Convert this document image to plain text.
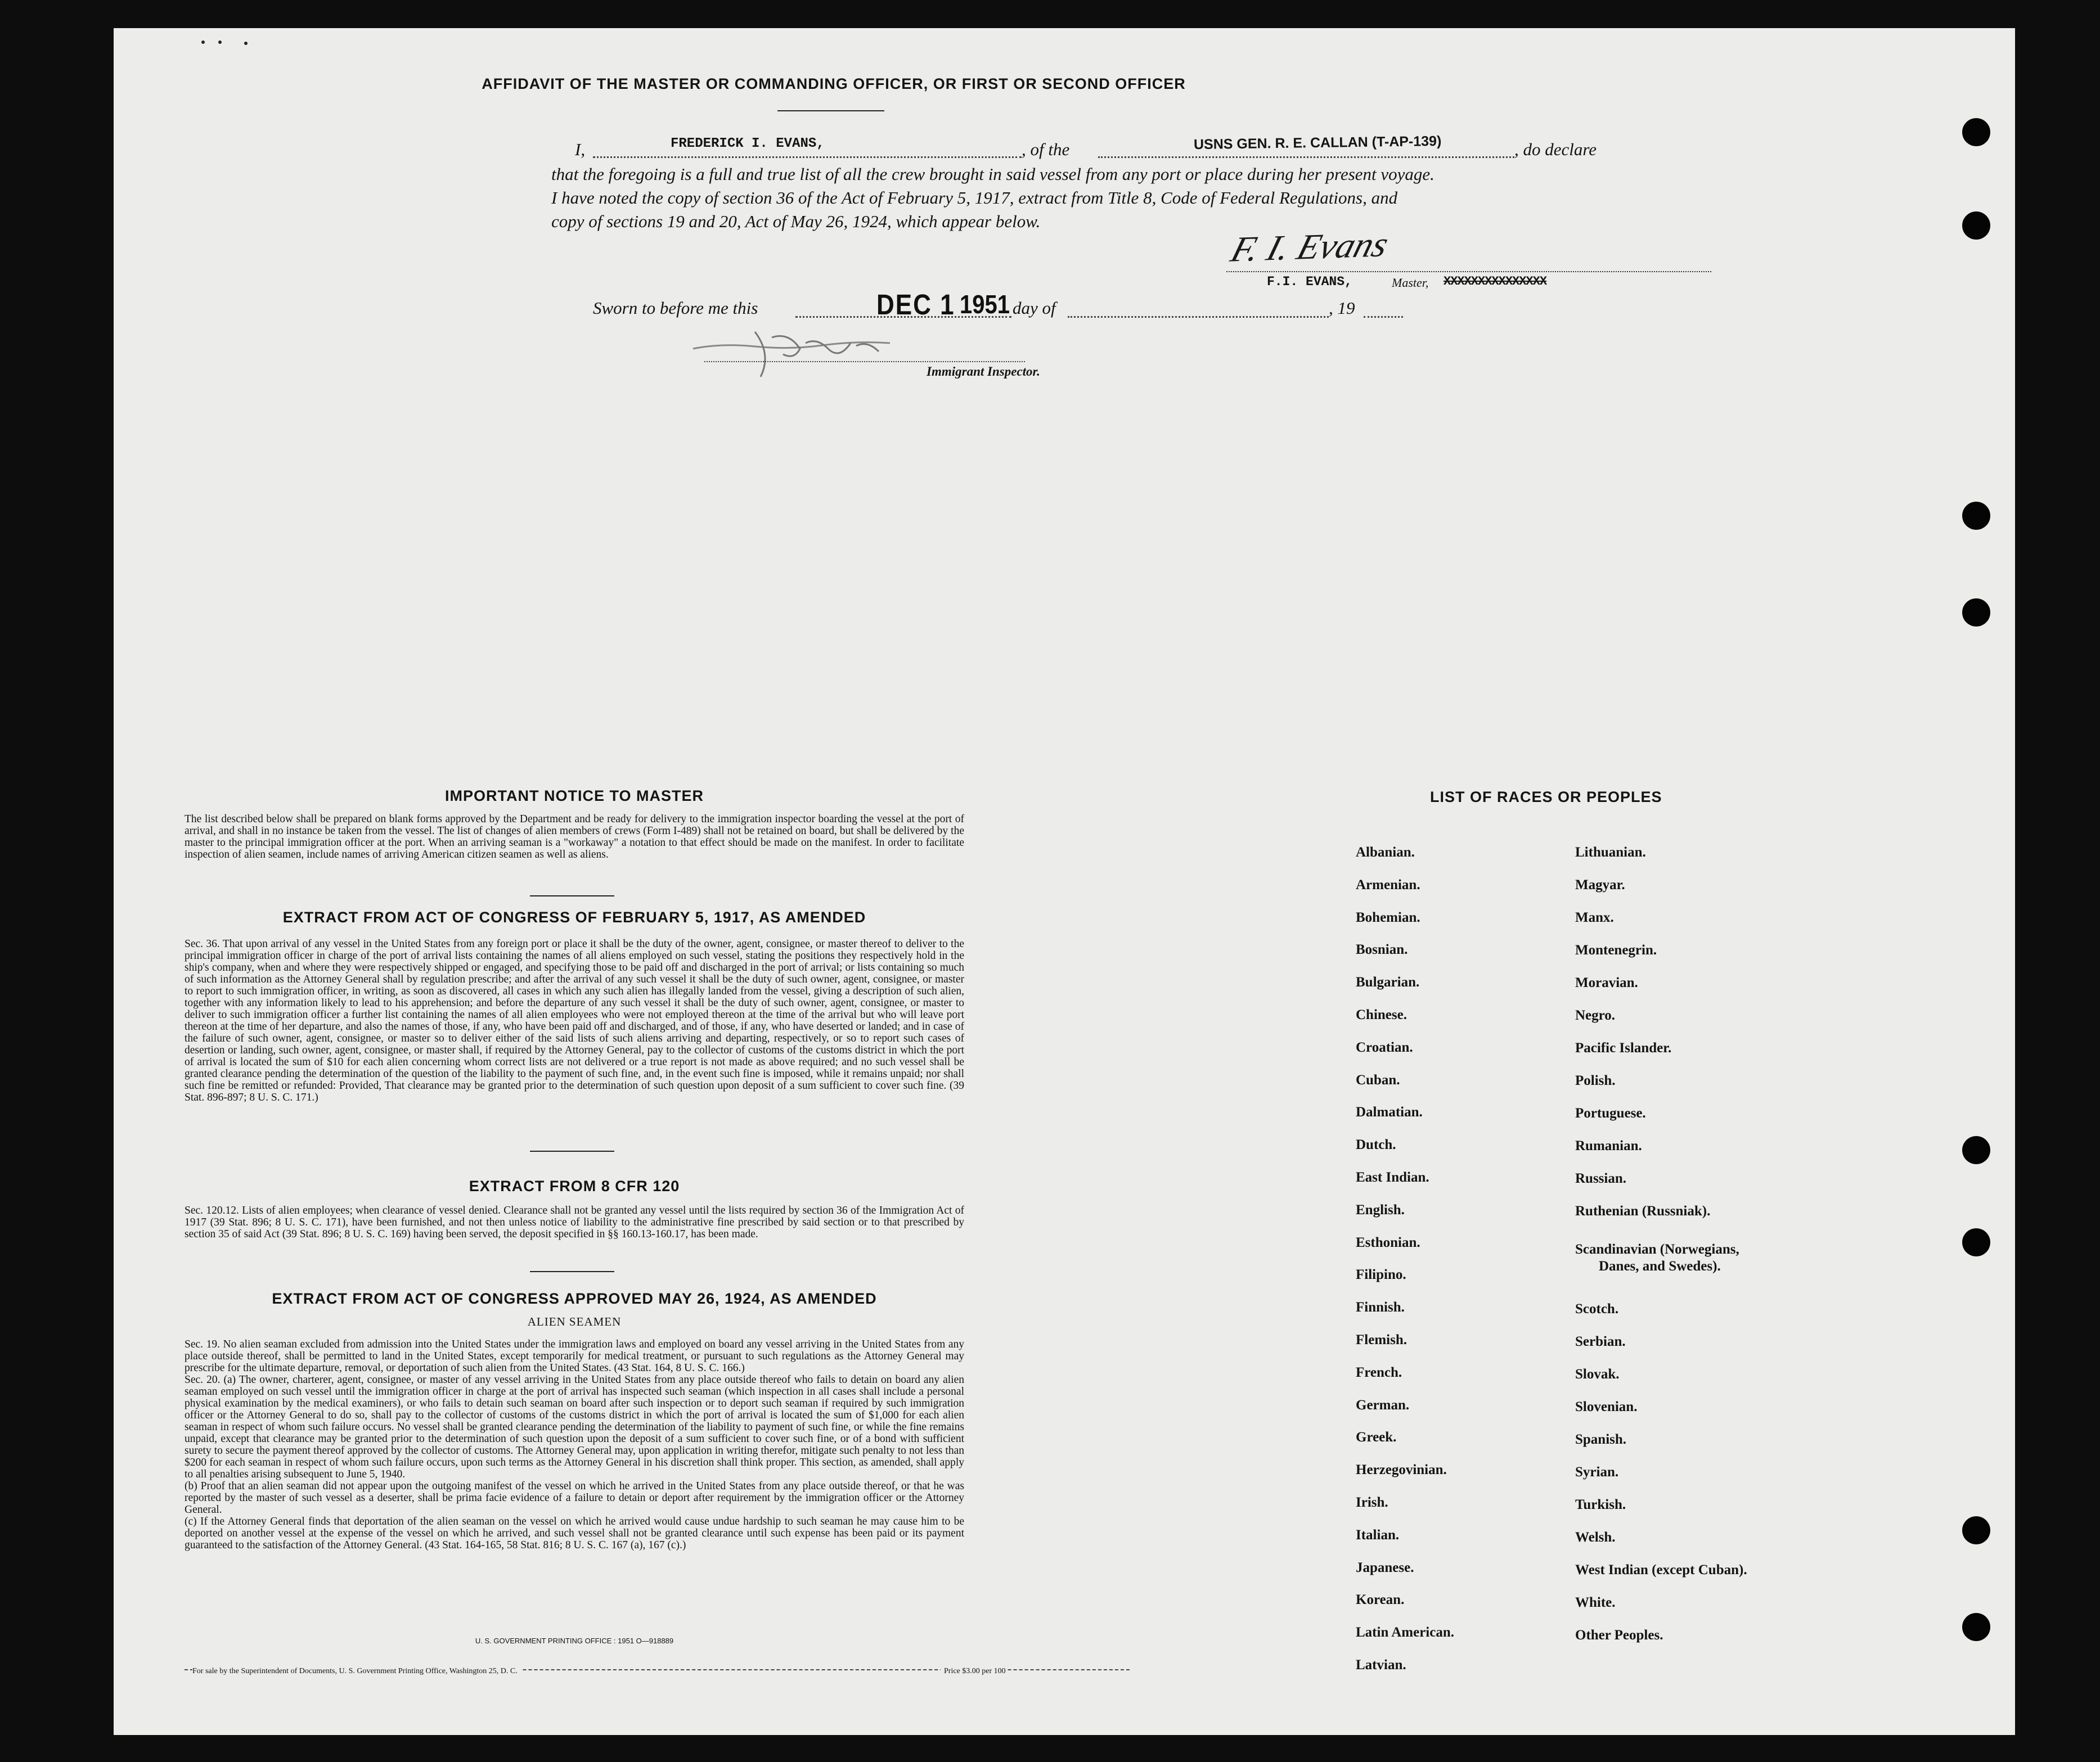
AFFIDAVIT OF THE MASTER OR COMMANDING OFFICER, OR FIRST OR SECOND OFFICER
I,	FREDERICK I. EVANS,	, of the	USNS GEN. R. E. CALLAN (T-AP-139)	, do declare
that the foregoing is a full and true list of all the crew brought in said vessel from any port or place during her present voyage.
I have noted the copy of section 36 of the Act of February 5, 1917, extract from Title 8, Code of Federal Regulations, and
copy of sections 19 and 20, Act of May 26, 1924, which appear below.
F. I. Evans
F.I. EVANS,	Master, XXXXXXXXXXXXXXX
Sworn to before me this	DEC 1 1951 day of	, 19
Immigrant Inspector.
IMPORTANT NOTICE TO MASTER
The list described below shall be prepared on blank forms approved by the Department and be ready for delivery to the immigration inspector boarding the vessel at the port of arrival, and shall in no instance be taken from the vessel. The list of changes of alien members of crews (Form I-489) shall not be retained on board, but shall be delivered by the master to the principal immigration officer at the port. When an arriving seaman is a "workaway" a notation to that effect should be made on the manifest. In order to facilitate inspection of alien seamen, include names of arriving American citizen seamen as well as aliens.
EXTRACT FROM ACT OF CONGRESS OF FEBRUARY 5, 1917, AS AMENDED
Sec. 36. That upon arrival of any vessel in the United States from any foreign port or place it shall be the duty of the owner, agent, consignee, or master thereof to deliver to the principal immigration officer in charge of the port of arrival lists containing the names of all aliens employed on such vessel, stating the positions they respectively hold in the ship's company, when and where they were respectively shipped or engaged, and specifying those to be paid off and discharged in the port of arrival; or lists containing so much of such information as the Attorney General shall by regulation prescribe; and after the arrival of any such vessel it shall be the duty of such owner, agent, consignee, or master to report to such immigration officer, in writing, as soon as discovered, all cases in which any such alien has illegally landed from the vessel, giving a description of such alien, together with any information likely to lead to his apprehension; and before the departure of any such vessel it shall be the duty of such owner, agent, consignee, or master to deliver to such immigration officer a further list containing the names of all alien employees who were not employed thereon at the time of the arrival but who will leave port thereon at the time of her departure, and also the names of those, if any, who have been paid off and discharged, and of those, if any, who have deserted or landed; and in case of the failure of such owner, agent, consignee, or master so to deliver either of the said lists of such aliens arriving and departing, respectively, or so to report such cases of desertion or landing, such owner, agent, consignee, or master shall, if required by the Attorney General, pay to the collector of customs of the customs district in which the port of arrival is located the sum of $10 for each alien concerning whom correct lists are not delivered or a true report is not made as above required; and no such vessel shall be granted clearance pending the determination of the question of the liability to the payment of such fine, and, in the event such fine is imposed, while it remains unpaid; nor shall such fine be remitted or refunded: Provided, That clearance may be granted prior to the determination of such question upon deposit of a sum sufficient to cover such fine. (39 Stat. 896-897; 8 U. S. C. 171.)
EXTRACT FROM 8 CFR 120
Sec. 120.12. Lists of alien employees; when clearance of vessel denied. Clearance shall not be granted any vessel until the lists required by section 36 of the Immigration Act of 1917 (39 Stat. 896; 8 U. S. C. 171), have been furnished, and not then unless notice of liability to the administrative fine prescribed by said section or to that prescribed by section 35 of said Act (39 Stat. 896; 8 U. S. C. 169) having been served, the deposit specified in §§ 160.13-160.17, has been made.
EXTRACT FROM ACT OF CONGRESS APPROVED MAY 26, 1924, AS AMENDED
ALIEN SEAMEN

Sec. 19. No alien seaman excluded from admission into the United States under the immigration laws and employed on board any vessel arriving in the United States from any place outside thereof, shall be permitted to land in the United States, except temporarily for medical treatment, or pursuant to such regulations as the Attorney General may prescribe for the ultimate departure, removal, or deportation of such alien from the United States. (43 Stat. 164, 8 U. S. C. 166.)

Sec. 20. (a) The owner, charterer, agent, consignee, or master of any vessel arriving in the United States from any place outside thereof who fails to detain on board any alien seaman employed on such vessel until the immigration officer in charge at the port of arrival has inspected such seaman (which inspection in all cases shall include a personal physical examination by the medical examiners), or who fails to detain such seaman on board after such inspection or to deport such seaman if required by such immigration officer or the Attorney General to do so, shall pay to the collector of customs of the customs district in which the port of arrival is located the sum of $1,000 for each alien seaman in respect of whom such failure occurs. No vessel shall be granted clearance pending the determination of the liability to payment of such fine, or while the fine remains unpaid, except that clearance may be granted prior to the determination of such question upon the deposit of a sum sufficient to cover such fine, or of a bond with sufficient surety to secure the payment thereof approved by the collector of customs. The Attorney General may, upon application in writing therefor, mitigate such penalty to not less than $200 for each seaman in respect of whom such failure occurs, upon such terms as the Attorney General in his discretion shall think proper. This section, as amended, shall apply to all penalties arising subsequent to June 5, 1940.

(b) Proof that an alien seaman did not appear upon the outgoing manifest of the vessel on which he arrived in the United States from any place outside thereof, or that he was reported by the master of such vessel as a deserter, shall be prima facie evidence of a failure to detain or deport after requirement by the immigration officer or the Attorney General.

(c) If the Attorney General finds that deportation of the alien seaman on the vessel on which he arrived would cause undue hardship to such seaman he may cause him to be deported on another vessel at the expense of the vessel on which he arrived, and such vessel shall not be granted clearance until such expense has been paid or its payment guaranteed to the satisfaction of the Attorney General. (43 Stat. 164-165, 58 Stat. 816; 8 U. S. C. 167 (a), 167 (c).)

U. S. GOVERNMENT PRINTING OFFICE : 1951 O—918889
For sale by the Superintendent of Documents, U. S. Government Printing Office, Washington 25, D. C.	Price $3.00 per 100
LIST OF RACES OR PEOPLES
Albanian.
Armenian.
Bohemian.
Bosnian.
Bulgarian.
Chinese.
Croatian.
Cuban.
Dalmatian.
Dutch.
East Indian.
English.
Esthonian.
Filipino.
Finnish.
Flemish.
French.
German.
Greek.
Herzegovinian.
Irish.
Italian.
Japanese.
Korean.
Latin American.
Latvian.
Lithuanian.
Magyar.
Manx.
Montenegrin.
Moravian.
Negro.
Pacific Islander.
Polish.
Portuguese.
Rumanian.
Russian.
Ruthenian (Russniak).
Scandinavian (Norwegians,
Danes, and Swedes).
Scotch.
Serbian.
Slovak.
Slovenian.
Spanish.
Syrian.
Turkish.
Welsh.
West Indian (except Cuban).
White.
Other Peoples.
